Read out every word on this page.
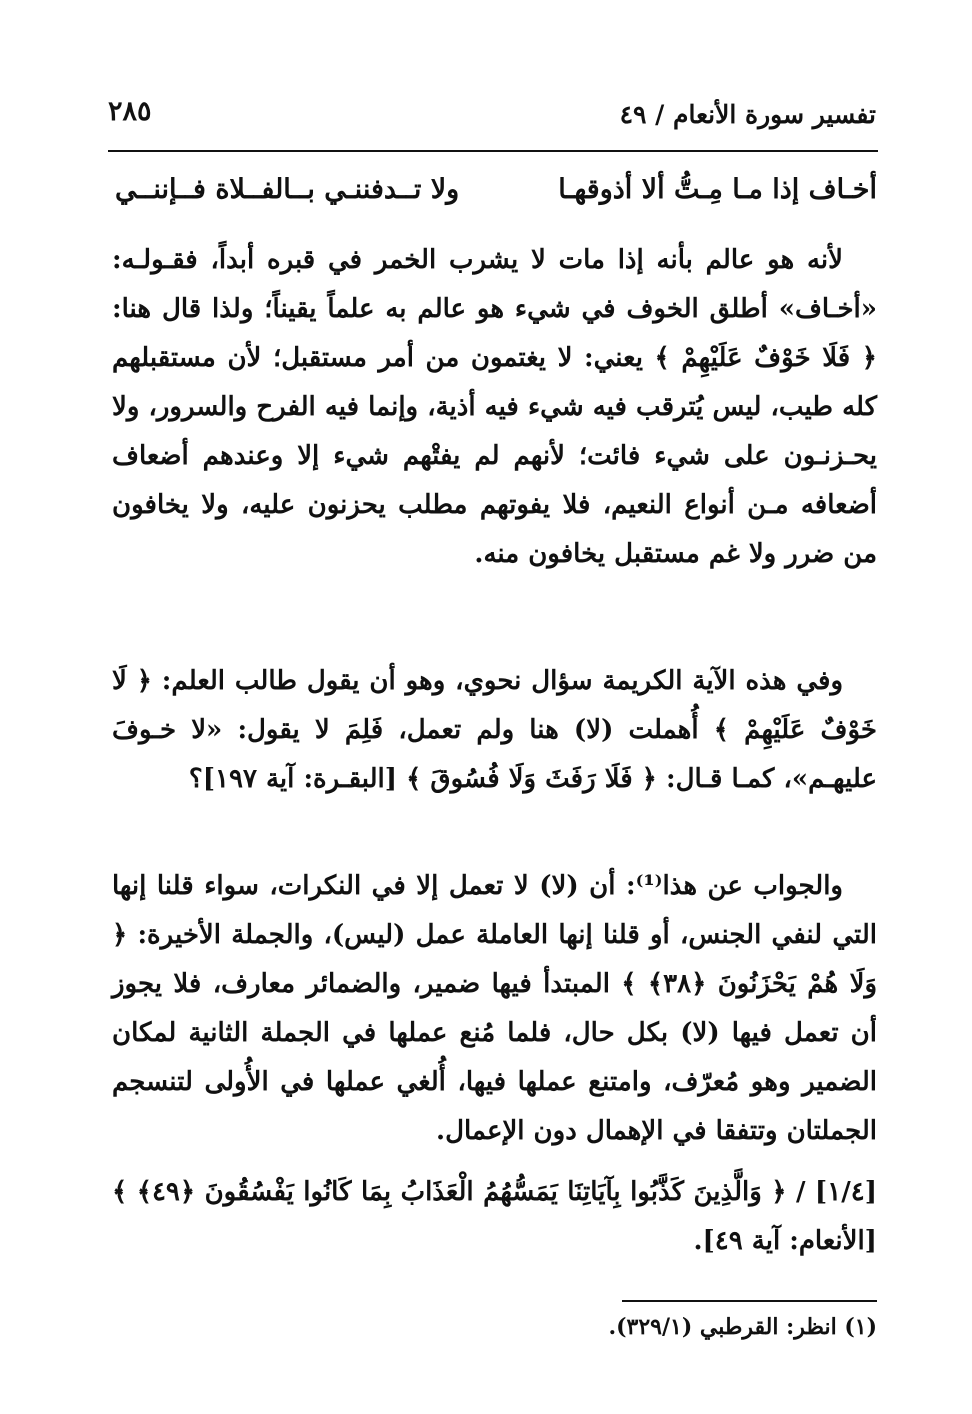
تفسير سورة الأنعام / ٤٩
٢٨٥
أخـاف إذا مـا مِـتُّ ألا أذوقهـا
ولا تــدفننـي بــالفــلاة فــإننــي

لأنه هو عالم بأنه إذا مات لا يشرب الخمر في قبره أبداً، فقـولـه: «أخـاف» أطلق الخوف في شيء هو عالم به علماً يقيناً؛ ولذا قال هنا: ﴿ فَلَا خَوْفٌ عَلَيْهِمْ ﴾ يعني: لا يغتمون من أمر مستقبل؛ لأن مستقبلهم كله طيب، ليس يُترقب فيه شيء فيه أذية، وإنما فيه الفرح والسرور، ولا يحـزنـون على شيء فائت؛ لأنهم لم يفتْهم شيء إلا وعندهم أضعاف أضعافه مـن أنواع النعيم، فلا يفوتهم مطلب يحزنون عليه، ولا يخافون من ضرر ولا غم مستقبل يخافون منه.

وفي هذه الآية الكريمة سؤال نحوي، وهو أن يقول طالب العلم: ﴿ لَا خَوْفٌ عَلَيْهِمْ ﴾ أُهملت (لا) هنا ولم تعمل، فَلِمَ لا يقول: «لا خـوفَ عليهـم»، كمـا قـال: ﴿ فَلَا رَفَثَ وَلَا فُسُوقَ ﴾ [البقـرة: آية ١٩٧]؟

والجواب عن هذا⁽¹⁾: أن (لا) لا تعمل إلا في النكرات، سواء قلنا إنها التي لنفي الجنس، أو قلنا إنها العاملة عمل (ليس)، والجملة الأخيرة: ﴿ وَلَا هُمْ يَحْزَنُونَ ﴿٣٨﴾ ﴾ المبتدأ فيها ضمير، والضمائر معارف، فلا يجوز أن تعمل فيها (لا) بكل حال، فلما مُنع عملها في الجملة الثانية لمكان الضمير وهو مُعرّف، وامتنع عملها فيها، أُلغي عملها في الأُولى لتنسجم الجملتان وتتفقا في الإهمال دون الإعمال.

[١/٤] / ﴿ وَالَّذِينَ كَذَّبُوا بِآيَاتِنَا يَمَسُّهُمُ الْعَذَابُ بِمَا كَانُوا يَفْسُقُونَ ﴿٤٩﴾ ﴾ [الأنعام: آية ٤٩].

(١) انظر: القرطبي (٣٢٩/١).
